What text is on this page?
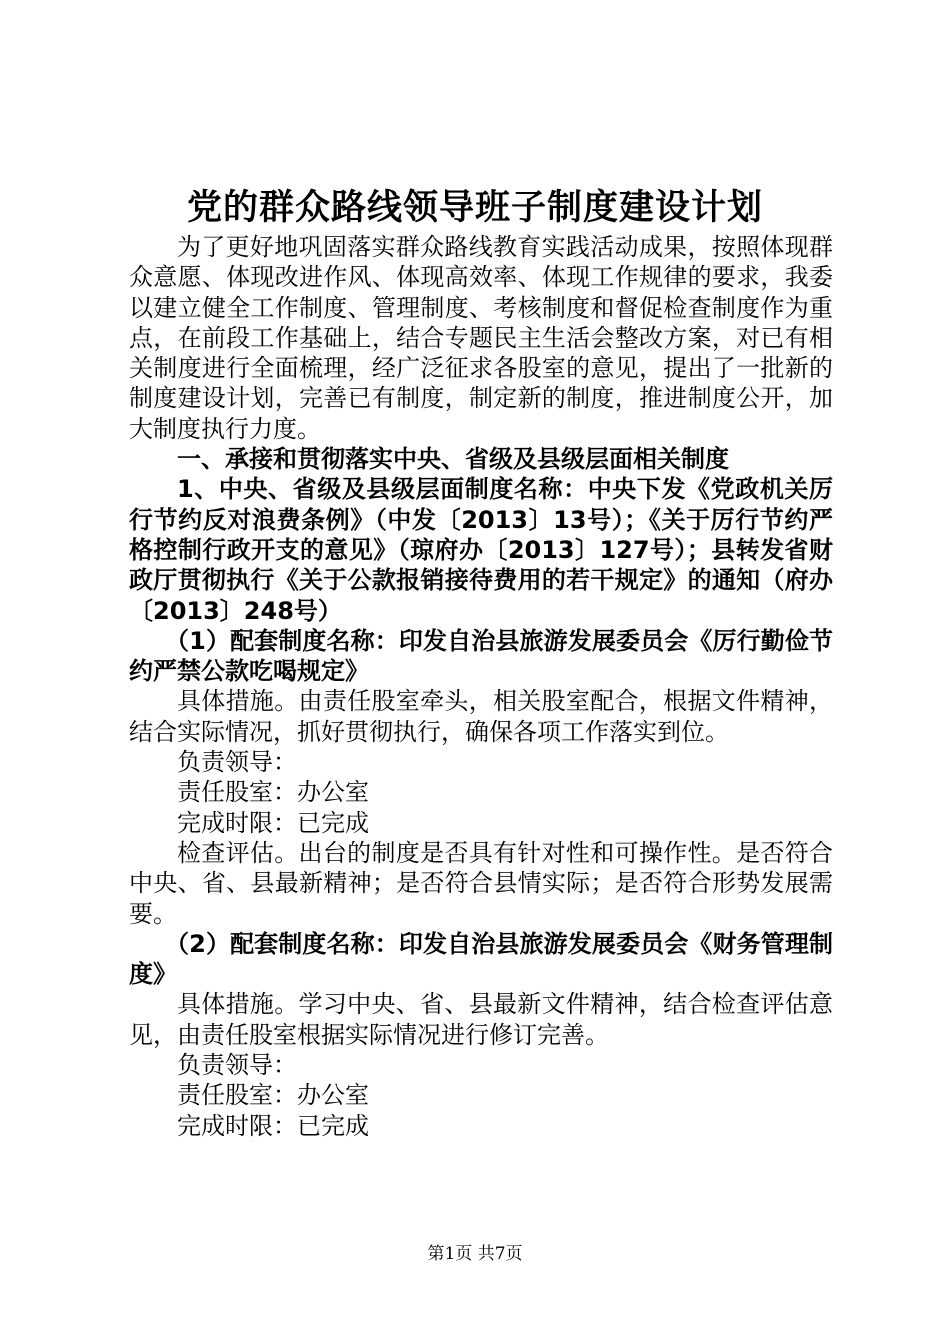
党的群众路线领导班子制度建设计划

为了更好地巩固落实群众路线教育实践活动成果，按照体现群众意愿、体现改进作风、体现高效率、体现工作规律的要求，我委以建立健全工作制度、管理制度、考核制度和督促检查制度作为重点，在前段工作基础上，结合专题民主生活会整改方案，对已有相关制度进行全面梳理，经广泛征求各股室的意见，提出了一批新的制度建设计划，完善已有制度，制定新的制度，推进制度公开，加大制度执行力度。

一、承接和贯彻落实中央、省级及县级层面相关制度

1、中央、省级及县级层面制度名称：中央下发《党政机关厉行节约反对浪费条例》（中发〔2013〕13号）；《关于厉行节约严格控制行政开支的意见》（琼府办〔2013〕127号）；县转发省财政厅贯彻执行《关于公款报销接待费用的若干规定》的通知（府办〔2013〕248号）

（1）配套制度名称：印发自治县旅游发展委员会《厉行勤俭节约严禁公款吃喝规定》

具体措施。由责任股室牵头，相关股室配合，根据文件精神，结合实际情况，抓好贯彻执行，确保各项工作落实到位。

负责领导：

责任股室：办公室

完成时限：已完成

检查评估。出台的制度是否具有针对性和可操作性。是否符合中央、省、县最新精神；是否符合县情实际；是否符合形势发展需要。

（2）配套制度名称：印发自治县旅游发展委员会《财务管理制度》

具体措施。学习中央、省、县最新文件精神，结合检查评估意见，由责任股室根据实际情况进行修订完善。

负责领导：

责任股室：办公室

完成时限：已完成

第1页 共7页
